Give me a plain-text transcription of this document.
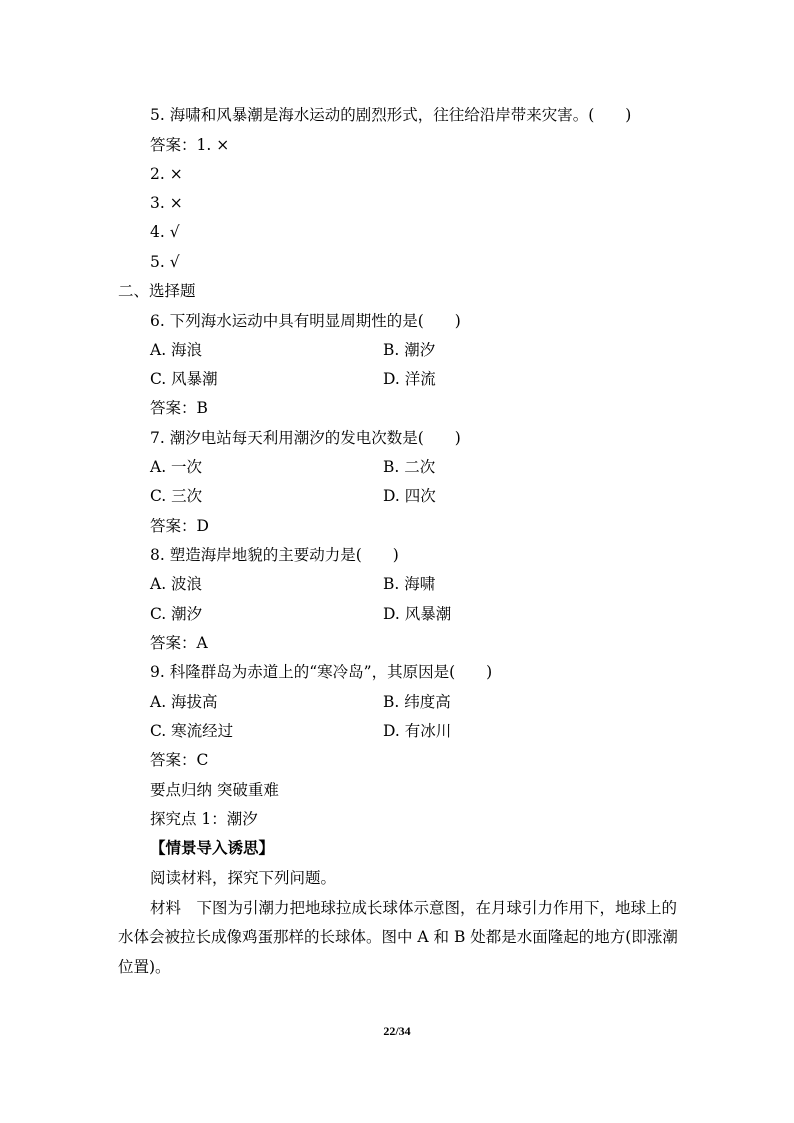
5. 海啸和风暴潮是海水运动的剧烈形式，往往给沿岸带来灾害。(　　)
答案：1. ×
2. ×
3. ×
4. √
5. √
二、选择题
6. 下列海水运动中具有明显周期性的是(　　)
A. 海浪	B. 潮汐
C. 风暴潮	D. 洋流
答案：B
7. 潮汐电站每天利用潮汐的发电次数是(　　)
A. 一次	B. 二次
C. 三次	D. 四次
答案：D
8. 塑造海岸地貌的主要动力是(　　)
A. 波浪	B. 海啸
C. 潮汐	D. 风暴潮
答案：A
9. 科隆群岛为赤道上的“寒冷岛”，其原因是(　　)
A. 海拔高	B. 纬度高
C. 寒流经过	D. 有冰川
答案：C
要点归纳 突破重难
探究点 1：潮汐
【情景导入诱思】
阅读材料，探究下列问题。
材料　下图为引潮力把地球拉成长球体示意图，在月球引力作用下，地球上的水体会被拉长成像鸡蛋那样的长球体。图中 A 和 B 处都是水面隆起的地方(即涨潮位置)。
22/34
